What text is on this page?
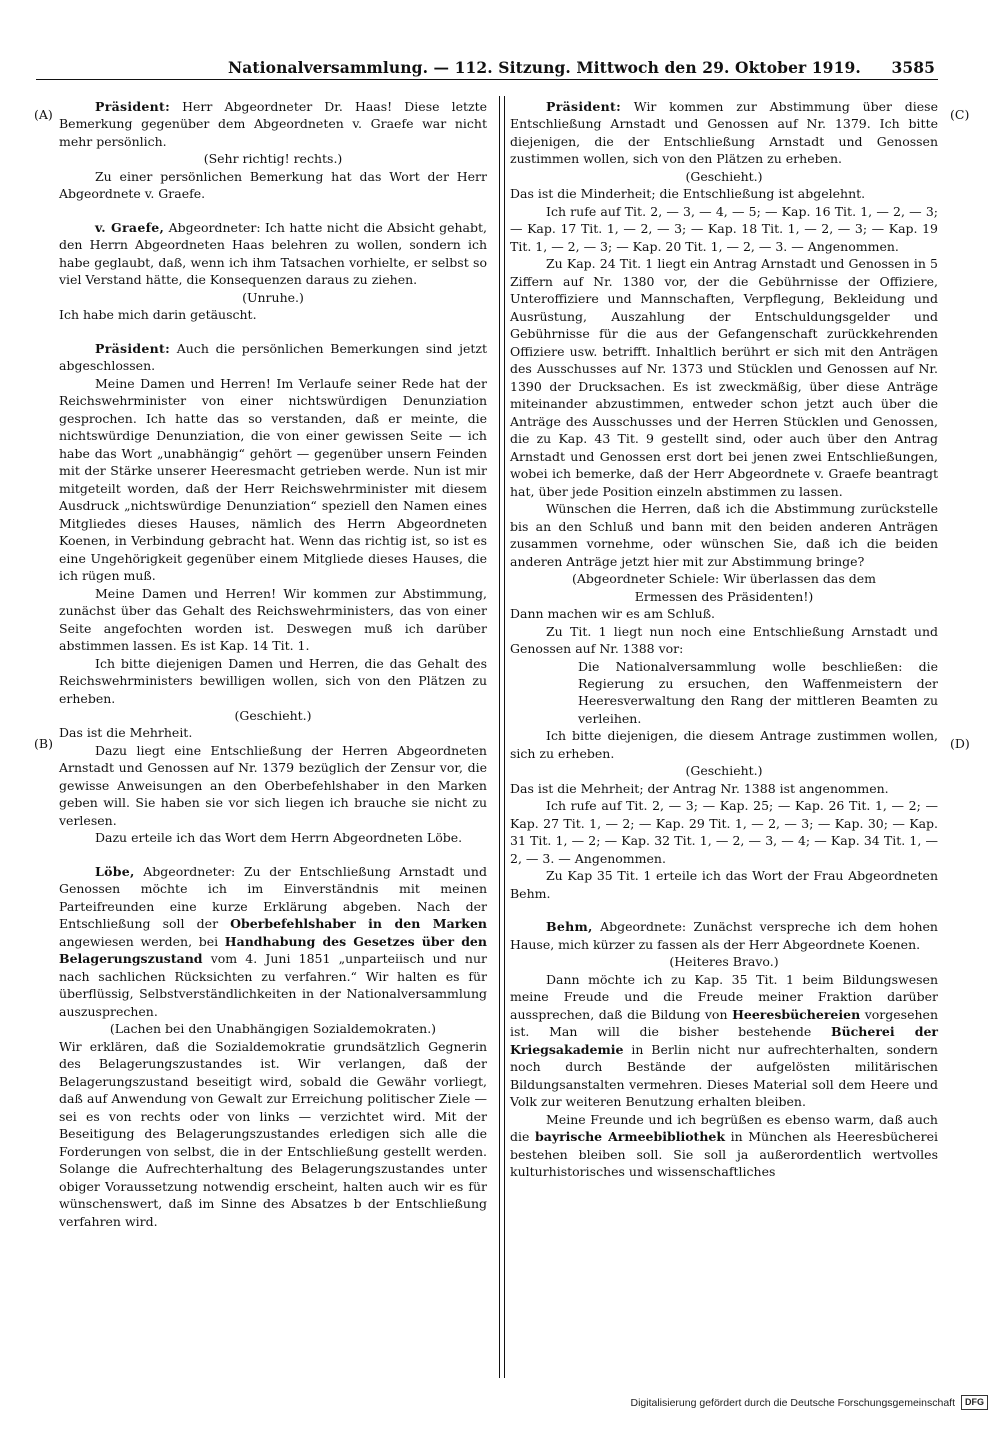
Nationalversammlung. — 112. Sitzung. Mittwoch den 29. Oktober 1919. 3585
(A)
(B)
(C)
(D)

Präsident: Herr Abgeordneter Dr. Haas! Diese letzte Bemerkung gegenüber dem Abgeordneten v. Graefe war nicht mehr persönlich.

(Sehr richtig! rechts.)

Zu einer persönlichen Bemerkung hat das Wort der Herr Abgeordnete v. Graefe.

v. Graefe, Abgeordneter: Ich hatte nicht die Absicht gehabt, den Herrn Abgeordneten Haas belehren zu wollen, sondern ich habe geglaubt, daß, wenn ich ihm Tatsachen vorhielte, er selbst so viel Verstand hätte, die Konsequenzen daraus zu ziehen.

(Unruhe.)

Ich habe mich darin getäuscht.

Präsident: Auch die persönlichen Bemerkungen sind jetzt abgeschlossen.

Meine Damen und Herren! Im Verlaufe seiner Rede hat der Reichswehrminister von einer nichtswürdigen Denunziation gesprochen. Ich hatte das so verstanden, daß er meinte, die nichtswürdige Denunziation, die von einer gewissen Seite — ich habe das Wort „unabhängig“ gehört — gegenüber unsern Feinden mit der Stärke unserer Heeresmacht getrieben werde. Nun ist mir mitgeteilt worden, daß der Herr Reichswehrminister mit diesem Ausdruck „nichtswürdige Denunziation“ speziell den Namen eines Mitgliedes dieses Hauses, nämlich des Herrn Abgeordneten Koenen, in Verbindung gebracht hat. Wenn das richtig ist, so ist es eine Ungehörigkeit gegenüber einem Mitgliede dieses Hauses, die ich rügen muß.

Meine Damen und Herren! Wir kommen zur Abstimmung, zunächst über das Gehalt des Reichswehrministers, das von einer Seite angefochten worden ist. Deswegen muß ich darüber abstimmen lassen. Es ist Kap. 14 Tit. 1.

Ich bitte diejenigen Damen und Herren, die das Gehalt des Reichswehrministers bewilligen wollen, sich von den Plätzen zu erheben.

(Geschieht.)

Das ist die Mehrheit.

Dazu liegt eine Entschließung der Herren Abgeordneten Arnstadt und Genossen auf Nr. 1379 bezüglich der Zensur vor, die gewisse Anweisungen an den Oberbefehlshaber in den Marken geben will. Sie haben sie vor sich liegen ich brauche sie nicht zu verlesen.

Dazu erteile ich das Wort dem Herrn Abgeordneten Löbe.

Löbe, Abgeordneter: Zu der Entschließung Arnstadt und Genossen möchte ich im Einverständnis mit meinen Parteifreunden eine kurze Erklärung abgeben. Nach der Entschließung soll der Oberbefehlshaber in den Marken angewiesen werden, bei Handhabung des Gesetzes über den Belagerungszustand vom 4. Juni 1851 „unparteiisch und nur nach sachlichen Rücksichten zu verfahren.“ Wir halten es für überflüssig, Selbstverständlichkeiten in der Nationalversammlung auszusprechen.

(Lachen bei den Unabhängigen Sozialdemokraten.)

Wir erklären, daß die Sozialdemokratie grundsätzlich Gegnerin des Belagerungszustandes ist. Wir verlangen, daß der Belagerungszustand beseitigt wird, sobald die Gewähr vorliegt, daß auf Anwendung von Gewalt zur Erreichung politischer Ziele — sei es von rechts oder von links — verzichtet wird. Mit der Beseitigung des Belagerungszustandes erledigen sich alle die Forderungen von selbst, die in der Entschließung gestellt werden. Solange die Aufrechterhaltung des Belagerungszustandes unter obiger Voraussetzung notwendig erscheint, halten auch wir es für wünschenswert, daß im Sinne des Absatzes b der Entschließung verfahren wird.

Präsident: Wir kommen zur Abstimmung über diese Entschließung Arnstadt und Genossen auf Nr. 1379. Ich bitte diejenigen, die der Entschließung Arnstadt und Genossen zustimmen wollen, sich von den Plätzen zu erheben.

(Geschieht.)

Das ist die Minderheit; die Entschließung ist abgelehnt.

Ich rufe auf Tit. 2, — 3, — 4, — 5; — Kap. 16 Tit. 1, — 2, — 3; — Kap. 17 Tit. 1, — 2, — 3; — Kap. 18 Tit. 1, — 2, — 3; — Kap. 19 Tit. 1, — 2, — 3; — Kap. 20 Tit. 1, — 2, — 3. — Angenommen.

Zu Kap. 24 Tit. 1 liegt ein Antrag Arnstadt und Genossen in 5 Ziffern auf Nr. 1380 vor, der die Gebührnisse der Offiziere, Unteroffiziere und Mannschaften, Verpflegung, Bekleidung und Ausrüstung, Auszahlung der Entschuldungsgelder und Gebührnisse für die aus der Gefangenschaft zurückkehrenden Offiziere usw. betrifft. Inhaltlich berührt er sich mit den Anträgen des Ausschusses auf Nr. 1373 und Stücklen und Genossen auf Nr. 1390 der Drucksachen. Es ist zweckmäßig, über diese Anträge miteinander abzustimmen, entweder schon jetzt auch über die Anträge des Ausschusses und der Herren Stücklen und Genossen, die zu Kap. 43 Tit. 9 gestellt sind, oder auch über den Antrag Arnstadt und Genossen erst dort bei jenen zwei Entschließungen, wobei ich bemerke, daß der Herr Abgeordnete v. Graefe beantragt hat, über jede Position einzeln abstimmen zu lassen.

Wünschen die Herren, daß ich die Abstimmung zurückstelle bis an den Schluß und bann mit den beiden anderen Anträgen zusammen vornehme, oder wünschen Sie, daß ich die beiden anderen Anträge jetzt hier mit zur Abstimmung bringe?

(Abgeordneter Schiele: Wir überlassen das dem

Ermessen des Präsidenten!)

Dann machen wir es am Schluß.

Zu Tit. 1 liegt nun noch eine Entschließung Arnstadt und Genossen auf Nr. 1388 vor:

Die Nationalversammlung wolle beschließen: die Regierung zu ersuchen, den Waffenmeistern der Heeresverwaltung den Rang der mittleren Beamten zu verleihen.

Ich bitte diejenigen, die diesem Antrage zustimmen wollen, sich zu erheben.

(Geschieht.)

Das ist die Mehrheit; der Antrag Nr. 1388 ist angenommen.

Ich rufe auf Tit. 2, — 3; — Kap. 25; — Kap. 26 Tit. 1, — 2; — Kap. 27 Tit. 1, — 2; — Kap. 29 Tit. 1, — 2, — 3; — Kap. 30; — Kap. 31 Tit. 1, — 2; — Kap. 32 Tit. 1, — 2, — 3, — 4; — Kap. 34 Tit. 1, — 2, — 3. — Angenommen.

Zu Kap 35 Tit. 1 erteile ich das Wort der Frau Abgeordneten Behm.

Behm, Abgeordnete: Zunächst verspreche ich dem hohen Hause, mich kürzer zu fassen als der Herr Abgeordnete Koenen.

(Heiteres Bravo.)

Dann möchte ich zu Kap. 35 Tit. 1 beim Bildungswesen meine Freude und die Freude meiner Fraktion darüber aussprechen, daß die Bildung von Heeresbüchereien vorgesehen ist. Man will die bisher bestehende Bücherei der Kriegsakademie in Berlin nicht nur aufrechterhalten, sondern noch durch Bestände der aufgelösten militärischen Bildungsanstalten vermehren. Dieses Material soll dem Heere und Volk zur weiteren Benutzung erhalten bleiben.

Meine Freunde und ich begrüßen es ebenso warm, daß auch die bayrische Armeebibliothek in München als Heeresbücherei bestehen bleiben soll. Sie soll ja außerordentlich wertvolles kulturhistorisches und wissenschaftliches

Digitalisierung gefördert durch die Deutsche Forschungsgemeinschaft	DFG
